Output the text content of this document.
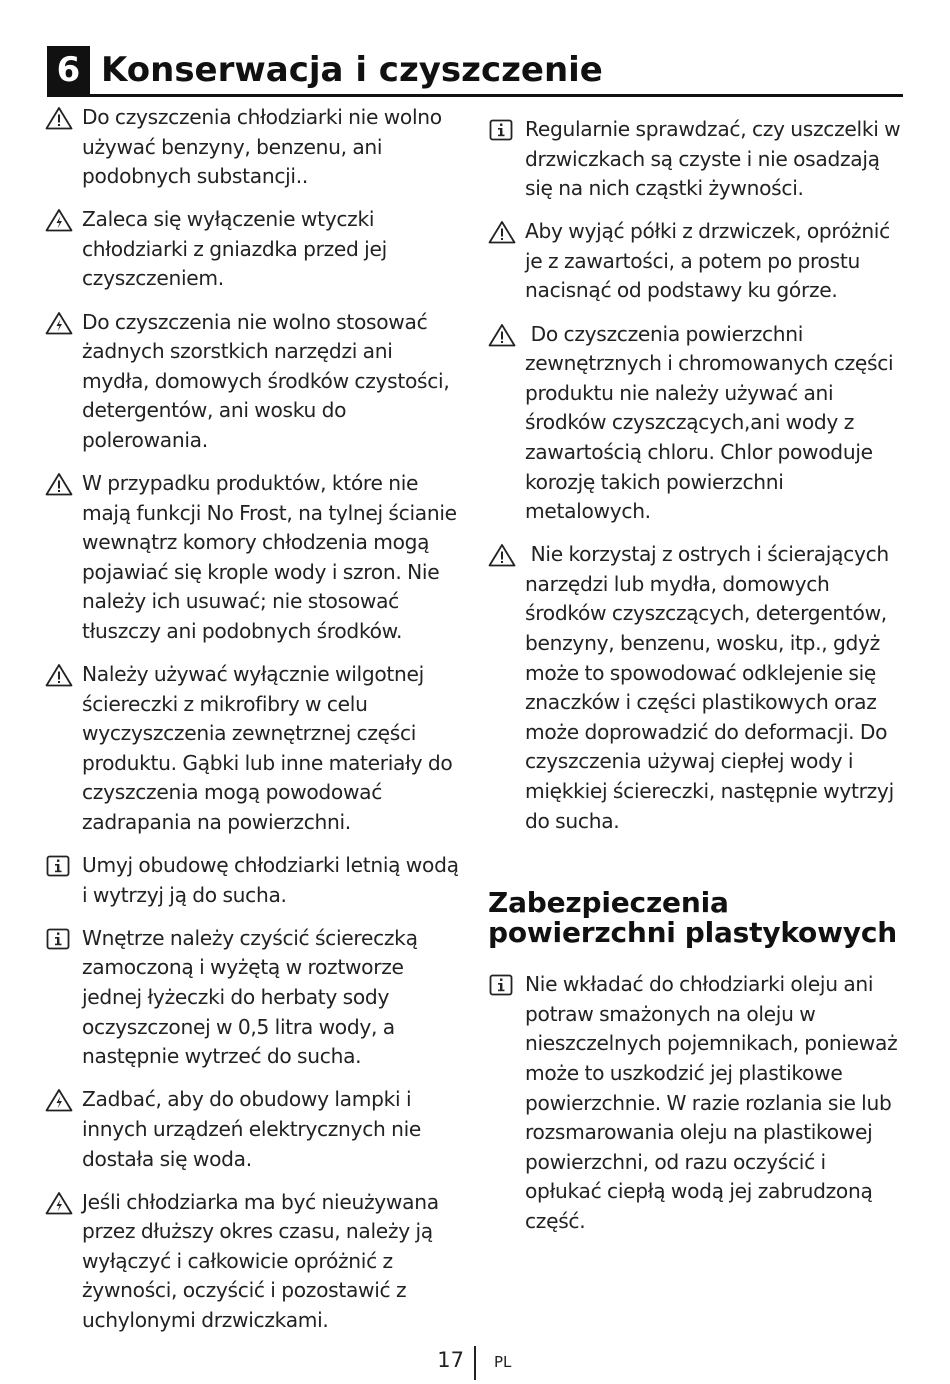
6 Konserwacja i czyszczenie
Do czyszczenia chłodziarki nie wolno używać benzyny, benzenu, ani podobnych substancji..
Zaleca się wyłączenie wtyczki chłodziarki z gniazdka przed jej czyszczeniem.
Do czyszczenia nie wolno stosować żadnych szorstkich narzędzi ani mydła, domowych środków czystości, detergentów, ani wosku do polerowania.
W przypadku produktów, które nie mają funkcji No Frost, na tylnej ścianie wewnątrz komory chłodzenia mogą pojawiać się krople wody i szron. Nie należy ich usuwać; nie stosować tłuszczy ani podobnych środków.
Należy używać wyłącznie wilgotnej ściereczki z mikrofibry w celu wyczyszczenia zewnętrznej części produktu. Gąbki lub inne materiały do czyszczenia mogą powodować zadrapania na powierzchni.
Umyj obudowę chłodziarki letnią wodą i wytrzyj ją do sucha.
Wnętrze należy czyścić ściereczką zamoczoną i wyżętą w roztworze jednej łyżeczki do herbaty sody oczyszczonej w 0,5 litra wody, a następnie wytrzeć do sucha.
Zadbać, aby do obudowy lampki i innych urządzeń elektrycznych nie dostała się woda.
Jeśli chłodziarka ma być nieużywana przez dłuższy okres czasu, należy ją wyłączyć i całkowicie opróżnić z żywności, oczyścić i pozostawić z uchylonymi drzwiczkami.
Regularnie sprawdzać, czy uszczelki w drzwiczkach są czyste i nie osadzają się na nich cząstki żywności.
Aby wyjąć półki z drzwiczek, opróżnić je z zawartości, a potem po prostu nacisnąć od podstawy ku górze.
Do czyszczenia powierzchni zewnętrznych i chromowanych części produktu nie należy używać ani środków czyszczących,ani wody z zawartością chloru. Chlor powoduje korozję takich powierzchni metalowych.
Nie korzystaj z ostrych i ścierających narzędzi lub mydła, domowych środków czyszczących, detergentów, benzyny, benzenu, wosku, itp., gdyż może to spowodować odklejenie się znaczków i części plastikowych oraz może doprowadzić do deformacji. Do czyszczenia używaj ciepłej wody i miękkiej ściereczki, następnie wytrzyj do sucha.
Zabezpieczenia powierzchni plastykowych
Nie wkładać do chłodziarki oleju ani potraw smażonych na oleju w nieszczelnych pojemnikach, ponieważ może to uszkodzić jej plastikowe powierzchnie. W razie rozlania sie lub rozsmarowania oleju na plastikowej powierzchni, od razu oczyścić i opłukać ciepłą wodą jej zabrudzoną część.
17 PL
